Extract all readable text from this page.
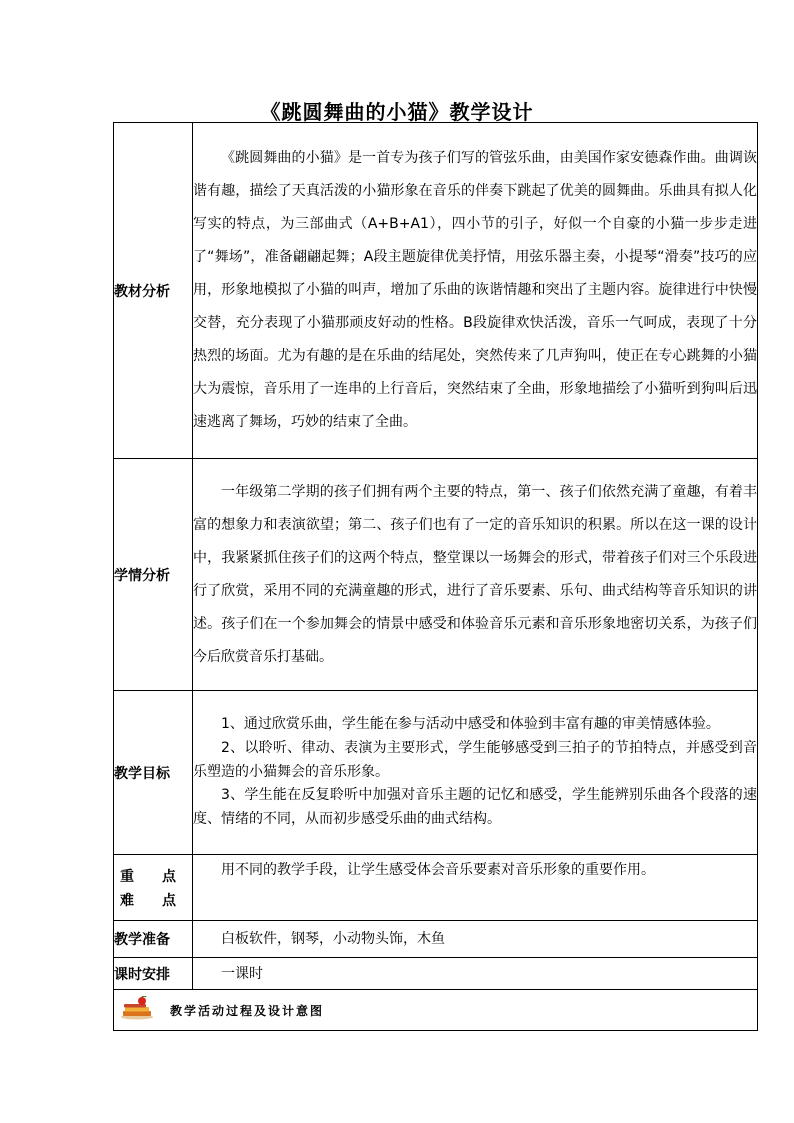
《跳圆舞曲的小猫》教学设计
教材分析	《跳圆舞曲的小猫》是一首专为孩子们写的管弦乐曲，由美国作家安德森作曲。曲调诙谐有趣，描绘了天真活泼的小猫形象在音乐的伴奏下跳起了优美的圆舞曲。乐曲具有拟人化写实的特点，为三部曲式（A+B+A1），四小节的引子，好似一个自豪的小猫一步步走进了“舞场”，准备翩翩起舞；A段主题旋律优美抒情，用弦乐器主奏，小提琴“滑奏”技巧的应用，形象地模拟了小猫的叫声，增加了乐曲的诙谐情趣和突出了主题内容。旋律进行中快慢交替，充分表现了小猫那顽皮好动的性格。B段旋律欢快活泼，音乐一气呵成，表现了十分热烈的场面。尤为有趣的是在乐曲的结尾处，突然传来了几声狗叫，使正在专心跳舞的小猫大为震惊，音乐用了一连串的上行音后，突然结束了全曲，形象地描绘了小猫听到狗叫后迅速逃离了舞场，巧妙的结束了全曲。

学情分析	一年级第二学期的孩子们拥有两个主要的特点，第一、孩子们依然充满了童趣，有着丰富的想象力和表演欲望；第二、孩子们也有了一定的音乐知识的积累。所以在这一课的设计中，我紧紧抓住孩子们的这两个特点，整堂课以一场舞会的形式，带着孩子们对三个乐段进行了欣赏，采用不同的充满童趣的形式，进行了音乐要素、乐句、曲式结构等音乐知识的讲述。孩子们在一个参加舞会的情景中感受和体验音乐元素和音乐形象地密切关系，为孩子们今后欣赏音乐打基础。

教学目标	1、通过欣赏乐曲，学生能在参与活动中感受和体验到丰富有趣的审美情感体验。

2、以聆听、律动、表演为主要形式，学生能够感受到三拍子的节拍特点，并感受到音乐塑造的小猫舞会的音乐形象。

3、学生能在反复聆听中加强对音乐主题的记忆和感受，学生能辨别乐曲各个段落的速度、情绪的不同，从而初步感受乐曲的曲式结构。

重　　点
难　　点	用不同的教学手段，让学生感受体会音乐要素对音乐形象的重要作用。

教学准备	白板软件，钢琴，小动物头饰，木鱼

课时安排	一课时

教学活动过程及设计意图	
